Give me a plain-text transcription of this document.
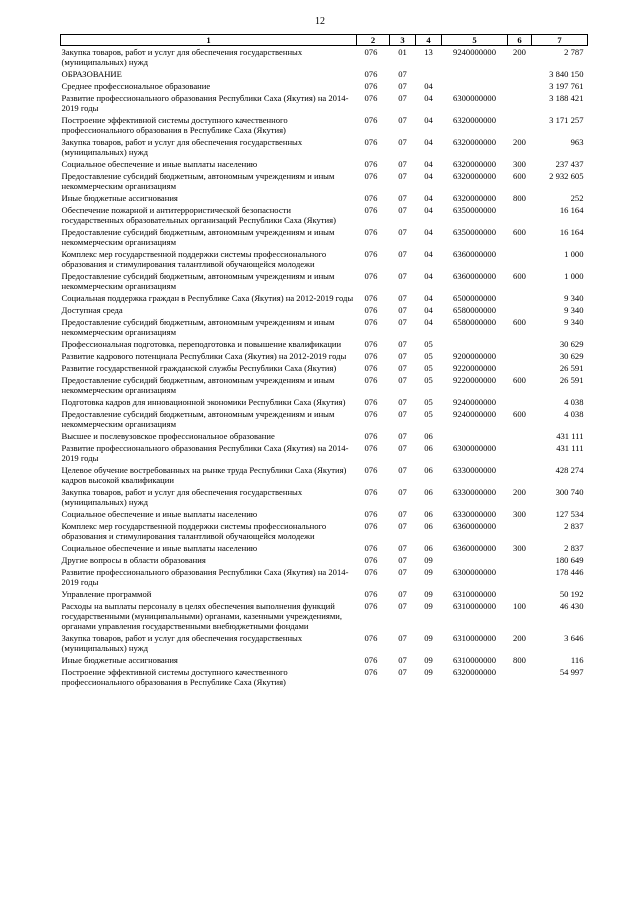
12
1	2	3	4	5	6	7
Закупка товаров, работ и услуг для обеспечения государственных (муниципальных) нужд	076	01	13	9240000000	200	2 787
ОБРАЗОВАНИЕ	076	07				3 840 150
Среднее профессиональное образование	076	07	04			3 197 761
Развитие профессионального образования Республики Саха (Якутия) на 2014-2019 годы	076	07	04	6300000000		3 188 421
Построение эффективной системы доступного качественного профессионального образования в Республике Саха (Якутия)	076	07	04	6320000000		3 171 257
Закупка товаров, работ и услуг для обеспечения государственных (муниципальных) нужд	076	07	04	6320000000	200	963
Социальное обеспечение и иные выплаты населению	076	07	04	6320000000	300	237 437
Предоставление субсидий бюджетным, автономным учреждениям и иным некоммерческим организациям	076	07	04	6320000000	600	2 932 605
Иные бюджетные ассигнования	076	07	04	6320000000	800	252
Обеспечение пожарной и антитеррористической безопасности государственных образовательных организаций Республики Саха (Якутия)	076	07	04	6350000000		16 164
Предоставление субсидий бюджетным, автономным учреждениям и иным некоммерческим организациям	076	07	04	6350000000	600	16 164
Комплекс мер государственной поддержки системы профессионального образования и стимулирования талантливой обучающейся молодежи	076	07	04	6360000000		1 000
Предоставление субсидий бюджетным, автономным учреждениям и иным некоммерческим организациям	076	07	04	6360000000	600	1 000
Социальная поддержка граждан в Республике Саха (Якутия) на 2012-2019 годы	076	07	04	6500000000		9 340
Доступная среда	076	07	04	6580000000		9 340
Предоставление субсидий бюджетным, автономным учреждениям и иным некоммерческим организациям	076	07	04	6580000000	600	9 340
Профессиональная подготовка, переподготовка и повышение квалификации	076	07	05			30 629
Развитие кадрового потенциала Республики Саха (Якутия) на 2012-2019 годы	076	07	05	9200000000		30 629
Развитие государственной гражданской службы Республики Саха (Якутия)	076	07	05	9220000000		26 591
Предоставление субсидий бюджетным, автономным учреждениям и иным некоммерческим организациям	076	07	05	9220000000	600	26 591
Подготовка кадров для инновационной экономики Республики Саха (Якутия)	076	07	05	9240000000		4 038
Предоставление субсидий бюджетным, автономным учреждениям и иным некоммерческим организациям	076	07	05	9240000000	600	4 038
Высшее и послевузовское профессиональное образование	076	07	06			431 111
Развитие профессионального образования Республики Саха (Якутия) на 2014-2019 годы	076	07	06	6300000000		431 111
Целевое обучение востребованных на рынке труда Республики Саха (Якутия) кадров высокой квалификации	076	07	06	6330000000		428 274
Закупка товаров, работ и услуг для обеспечения государственных (муниципальных) нужд	076	07	06	6330000000	200	300 740
Социальное обеспечение и иные выплаты населению	076	07	06	6330000000	300	127 534
Комплекс мер государственной поддержки системы профессионального образования и стимулирования талантливой обучающейся молодежи	076	07	06	6360000000		2 837
Социальное обеспечение и иные выплаты населению	076	07	06	6360000000	300	2 837
Другие вопросы в области образования	076	07	09			180 649
Развитие профессионального образования Республики Саха (Якутия) на 2014-2019 годы	076	07	09	6300000000		178 446
Управление программой	076	07	09	6310000000		50 192
Расходы на выплаты персоналу в целях обеспечения выполнения функций государственными (муниципальными) органами, казенными учреждениями, органами управления государственными внебюджетными фондами	076	07	09	6310000000	100	46 430
Закупка товаров, работ и услуг для обеспечения государственных (муниципальных) нужд	076	07	09	6310000000	200	3 646
Иные бюджетные ассигнования	076	07	09	6310000000	800	116
Построение эффективной системы доступного качественного профессионального образования в Республике Саха (Якутия)	076	07	09	6320000000		54 997
